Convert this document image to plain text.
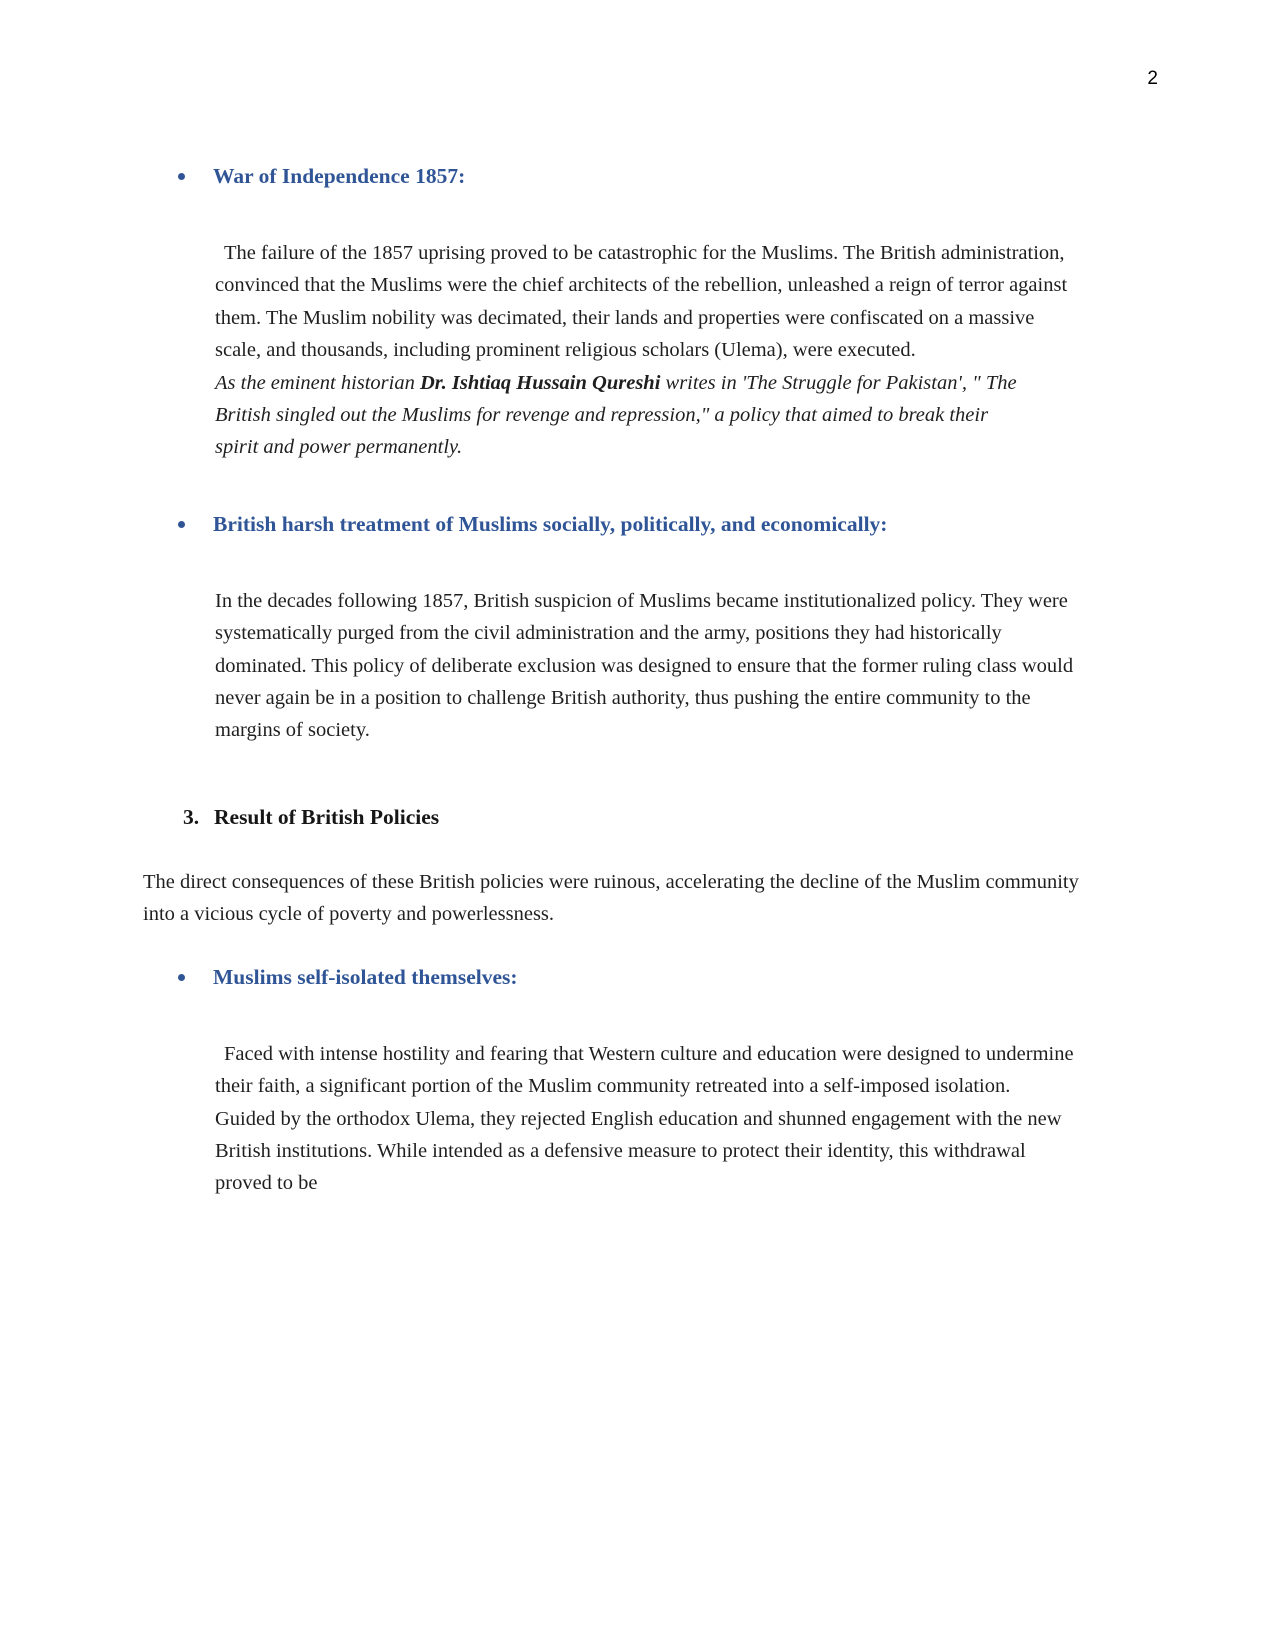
2
War of Independence 1857:

The failure of the 1857 uprising proved to be catastrophic for the Muslims. The British administration, convinced that the Muslims were the chief architects of the rebellion, unleashed a reign of terror against them. The Muslim nobility was decimated, their lands and properties were confiscated on a massive scale, and thousands, including prominent religious scholars (Ulema), were executed.

As the eminent historian Dr. Ishtiaq Hussain Qureshi writes in 'The Struggle for Pakistan', " The British singled out the Muslims for revenge and repression," a policy that aimed to break their spirit and power permanently.

British harsh treatment of Muslims socially, politically, and economically:

In the decades following 1857, British suspicion of Muslims became institutionalized policy. They were systematically purged from the civil administration and the army, positions they had historically dominated. This policy of deliberate exclusion was designed to ensure that the former ruling class would never again be in a position to challenge British authority, thus pushing the entire community to the margins of society.

3. Result of British Policies

The direct consequences of these British policies were ruinous, accelerating the decline of the Muslim community into a vicious cycle of poverty and powerlessness.

Muslims self-isolated themselves:

Faced with intense hostility and fearing that Western culture and education were designed to undermine their faith, a significant portion of the Muslim community retreated into a self-imposed isolation. Guided by the orthodox Ulema, they rejected English education and shunned engagement with the new British institutions. While intended as a defensive measure to protect their identity, this withdrawal proved to be
